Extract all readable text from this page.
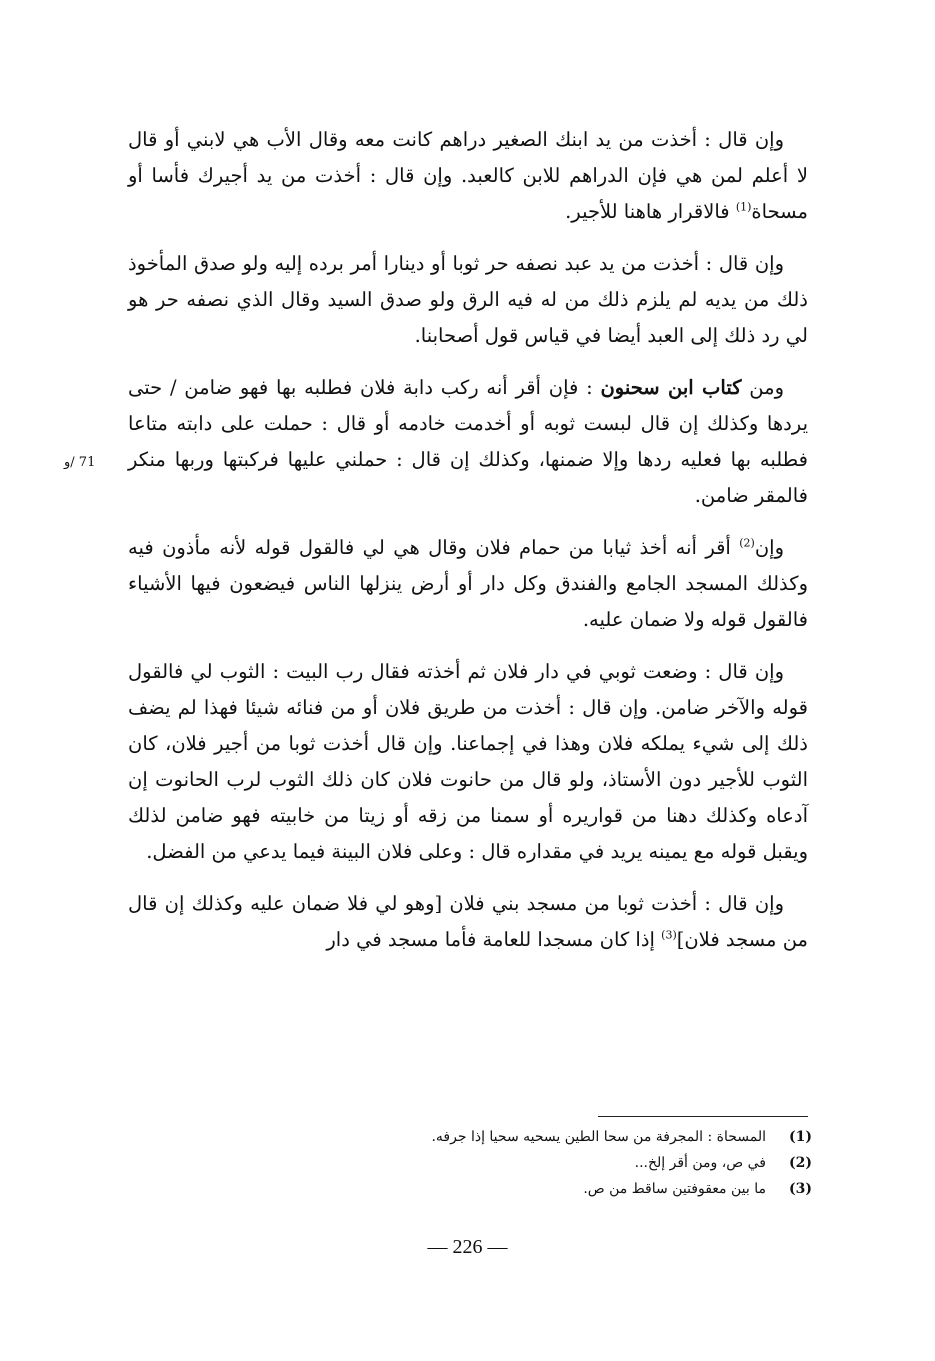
71 /و

وإن قال : أخذت من يد ابنك الصغير دراهم كانت معه وقال الأب هي لابني أو قال لا أعلم لمن هي فإن الدراهم للابن كالعبد. وإن قال : أخذت من يد أجيرك فأسا أو مسحاة$^{(1)}$ فالاقرار هاهنا للأجير.

وإن قال : أخذت من يد عبد نصفه حر ثوبا أو دينارا أمر برده إليه ولو صدق المأخوذ ذلك من يديه لم يلزم ذلك من له فيه الرق ولو صدق السيد وقال الذي نصفه حر هو لي رد ذلك إلى العبد أيضا في قياس قول أصحابنا.

ومن كتاب ابن سحنون : فإن أقر أنه ركب دابة فلان فطلبه بها فهو ضامن / حتى يردها وكذلك إن قال لبست ثوبه أو أخدمت خادمه أو قال : حملت على دابته متاعا فطلبه بها فعليه ردها وإلا ضمنها، وكذلك إن قال : حملني عليها فركبتها وربها منكر فالمقر ضامن.

وإن$^{(2)}$ أقر أنه أخذ ثيابا من حمام فلان وقال هي لي فالقول قوله لأنه مأذون فيه وكذلك المسجد الجامع والفندق وكل دار أو أرض ينزلها الناس فيضعون فيها الأشياء فالقول قوله ولا ضمان عليه.

وإن قال : وضعت ثوبي في دار فلان ثم أخذته فقال رب البيت : الثوب لي فالقول قوله والآخر ضامن. وإن قال : أخذت من طريق فلان أو من فنائه شيئا فهذا لم يضف ذلك إلى شيء يملكه فلان وهذا في إجماعنا. وإن قال أخذت ثوبا من أجير فلان، كان الثوب للأجير دون الأستاذ، ولو قال من حانوت فلان كان ذلك الثوب لرب الحانوت إن آدعاه وكذلك دهنا من قواريره أو سمنا من زقه أو زيتا من خابيته فهو ضامن لذلك ويقبل قوله مع يمينه يريد في مقداره قال : وعلى فلان البينة فيما يدعي من الفضل.

وإن قال : أخذت ثوبا من مسجد بني فلان [وهو لي فلا ضمان عليه وكذلك إن قال من مسجد فلان]$^{(3)}$ إذا كان مسجدا للعامة فأما مسجد في دار

(1)
المسحاة : المجرفة من سحا الطين يسحيه سحيا إذا جرفه.
(2)
في ص، ومن أقر إلخ...
(3)
ما بين معقوفتين ساقط من ص.
— 226 —
